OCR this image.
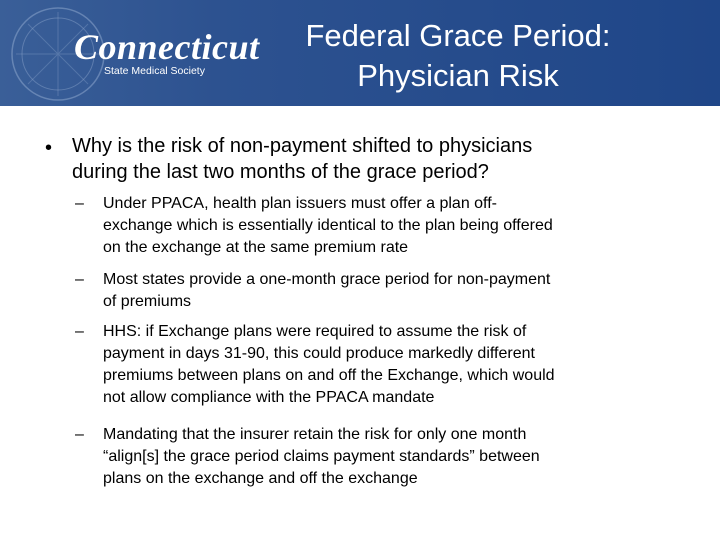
Connecticut
State Medical Society
Federal Grace Period:
Physician Risk
• Why is the risk of non-payment shifted to physicians
during the last two months of the grace period?
– Under PPACA, health plan issuers must offer a plan off-
exchange which is essentially identical to the plan being offered
on the exchange at the same premium rate
– Most states provide a one-month grace period for non-payment
of premiums
– HHS: if Exchange plans were required to assume the risk of
payment in days 31-90, this could produce markedly different
premiums between plans on and off the Exchange, which would
not allow compliance with the PPACA mandate
– Mandating that the insurer retain the risk for only one month
“align[s] the grace period claims payment standards” between
plans on the exchange and off the exchange
